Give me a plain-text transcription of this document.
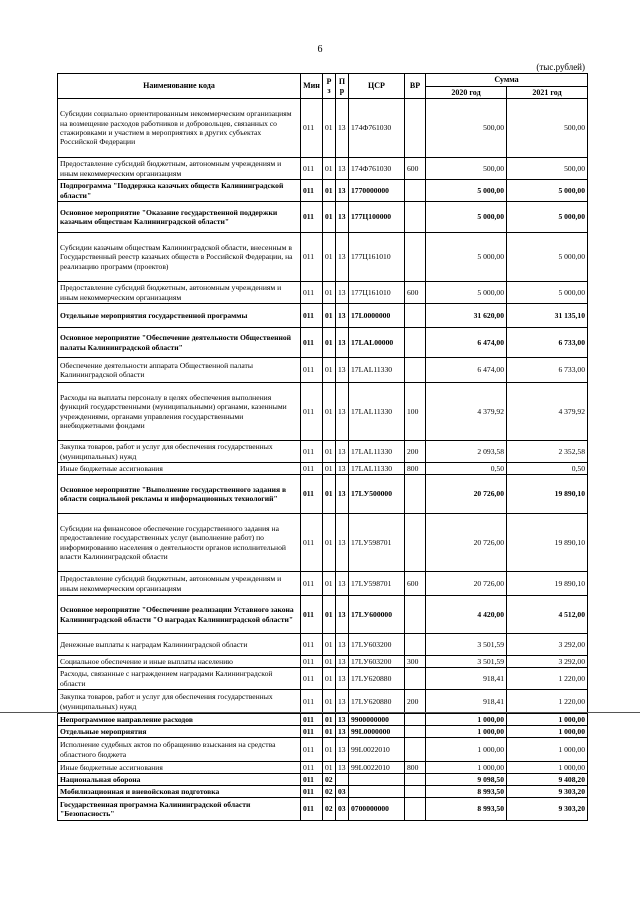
6
(тыс.рублей)
Наименование кода	Мин	Рз	Пр	ЦСР	ВР	Сумма	
						2020 год	2021 год
Субсидии социально ориентированным некоммерческим организациям на возмещение расходов работников и добровольцев, связанных со стажировками и участием в мероприятиях в других субъектах Российской Федерации	011	01	13	174Ф761030		500,00	500,00
Предоставление субсидий бюджетным, автономным учреждениям и иным некоммерческим организациям	011	01	13	174Ф761030	600	500,00	500,00
Подпрограмма "Поддержка казачьих обществ Калининградской области"	011	01	13	1770000000		5 000,00	5 000,00
Основное мероприятие "Оказание государственной поддержки казачьим обществам Калининградской области"	011	01	13	177Ц100000		5 000,00	5 000,00
Субсидии казачьим обществам Калининградской области, внесенным в Государственный реестр казачьих обществ в Российской Федерации, на реализацию программ (проектов)	011	01	13	177Ц161010		5 000,00	5 000,00
Предоставление субсидий бюджетным, автономным учреждениям и иным некоммерческим организациям	011	01	13	177Ц161010	600	5 000,00	5 000,00
Отдельные мероприятия государственной программы	011	01	13	17L0000000		31 620,00	31 135,10
Основное мероприятие "Обеспечение деятельности Общественной палаты Калининградской области"	011	01	13	17LAL00000		6 474,00	6 733,00
Обеспечение деятельности аппарата Общественной палаты Калининградской области	011	01	13	17LAL11330		6 474,00	6 733,00
Расходы на выплаты персоналу в целях обеспечения выполнения функций государственными (муниципальными) органами, казенными учреждениями, органами управления государственными внебюджетными фондами	011	01	13	17LAL11330	100	4 379,92	4 379,92
Закупка товаров, работ и услуг для обеспечения государственных (муниципальных) нужд	011	01	13	17LAL11330	200	2 093,58	2 352,58
Иные бюджетные ассигнования	011	01	13	17LAL11330	800	0,50	0,50
Основное мероприятие "Выполнение государственного задания в области социальной рекламы и информационных технологий"	011	01	13	17LУ500000		20 726,00	19 890,10
Субсидии на финансовое обеспечение государственного задания на предоставление государственных услуг (выполнение работ) по информированию населения о деятельности органов исполнительной власти Калининградской области	011	01	13	17LУ598701		20 726,00	19 890,10
Предоставление субсидий бюджетным, автономным учреждениям и иным некоммерческим организациям	011	01	13	17LУ598701	600	20 726,00	19 890,10
Основное мероприятие "Обеспечение реализации Уставного закона Калининградской области "О наградах Калининградской области"	011	01	13	17LУ600000		4 420,00	4 512,00
Денежные выплаты к наградам Калининградской области	011	01	13	17LУ603200		3 501,59	3 292,00
Социальное обеспечение и иные выплаты населению	011	01	13	17LУ603200	300	3 501,59	3 292,00
Расходы, связанные с награждением наградами Калининградской области	011	01	13	17LУ620880		918,41	1 220,00
Закупка товаров, работ и услуг для обеспечения государственных (муниципальных) нужд	011	01	13	17LУ620880	200	918,41	1 220,00
Непрограммное направление расходов	011	01	13	9900000000		1 000,00	1 000,00
Отдельные мероприятия	011	01	13	99L0000000		1 000,00	1 000,00
Исполнение судебных актов по обращению взыскания на средства областного бюджета	011	01	13	99L0022010		1 000,00	1 000,00
Иные бюджетные ассигнования	011	01	13	99L0022010	800	1 000,00	1 000,00
Национальная оборона	011	02				9 098,50	9 408,20
Мобилизационная и вневойсковая подготовка	011	02	03			8 993,50	9 303,20
Государственная программа Калининградской области "Безопасность"	011	02	03	0700000000		8 993,50	9 303,20
